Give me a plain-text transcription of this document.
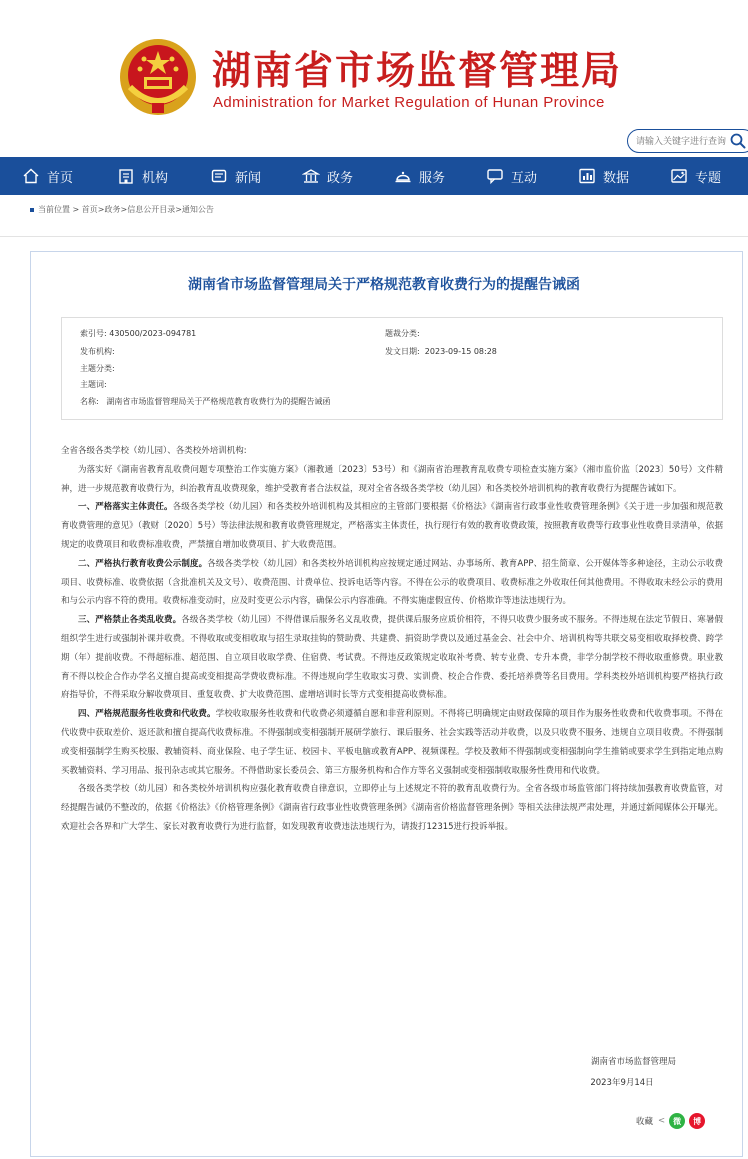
湖南省市场监督管理局
Administration for Market Regulation of Hunan Province
请输入关键字进行查询
首页	机构	新闻	政务	服务	互动	数据	专题
当前位置 > 首页>政务>信息公开目录>通知公告
湖南省市场监督管理局关于严格规范教育收费行为的提醒告诫函
索引号: 430500/2023-094781
发布机构:
主题分类:
主题词:
名称: 湖南省市场监督管理局关于严格规范教育收费行为的提醒告诫函
题裁分类:
发文日期: 2023-09-15 08:28

全省各级各类学校（幼儿园）、各类校外培训机构:

为落实好《湖南省教育乱收费问题专项整治工作实施方案》（湘教通〔2023〕53号）和《湖南省治理教育乱收费专项检查实施方案》（湘市监价监〔2023〕50号）文件精神，进一步规范教育收费行为，纠治教育乱收费现象，维护受教育者合法权益，现对全省各级各类学校（幼儿园）和各类校外培训机构的教育收费行为提醒告诫如下。

一、严格落实主体责任。各级各类学校（幼儿园）和各类校外培训机构及其相应的主管部门要根据《价格法》《湖南省行政事业性收费管理条例》《关于进一步加强和规范教育收费管理的意见》（教财〔2020〕5号）等法律法规和教育收费管理规定，严格落实主体责任，执行现行有效的教育收费政策，按照教育收费等行政事业性收费目录清单，依据规定的收费项目和收费标准收费，严禁擅自增加收费项目、扩大收费范围。

二、严格执行教育收费公示制度。各级各类学校（幼儿园）和各类校外培训机构应按规定通过网站、办事场所、教育APP、招生简章、公开媒体等多种途径，主动公示收费项目、收费标准、收费依据（含批准机关及文号）、收费范围、计费单位、投诉电话等内容。不得在公示的收费项目、收费标准之外收取任何其他费用。不得收取未经公示的费用和与公示内容不符的费用。收费标准变动时，应及时变更公示内容，确保公示内容准确。不得实施虚假宣传、价格欺诈等违法违规行为。

三、严格禁止各类乱收费。各级各类学校（幼儿园）不得借课后服务名义乱收费，提供课后服务应质价相符，不得只收费少服务或不服务。不得违规在法定节假日、寒暑假组织学生进行或强制补课并收费。不得收取或变相收取与招生录取挂钩的赞助费、共建费、捐资助学费以及通过基金会、社会中介、培训机构等共联交易变相收取择校费、跨学期（年）提前收费。不得超标准、超范围、自立项目收取学费、住宿费、考试费。不得违反政策规定收取补考费、转专业费、专升本费，非学分制学校不得收取重修费。职业教育不得以校企合作办学名义擅自提高或变相提高学费收费标准。不得违规向学生收取实习费、实训费、校企合作费、委托培养费等名目费用。学科类校外培训机构要严格执行政府指导价，不得采取分解收费项目、重复收费、扩大收费范围、虚增培训时长等方式变相提高收费标准。

四、严格规范服务性收费和代收费。学校收取服务性收费和代收费必须遵循自愿和非营利原则。不得将已明确规定由财政保障的项目作为服务性收费和代收费事项。不得在代收费中获取差价、返还款和擅自提高代收费标准。不得强制或变相强制开展研学旅行、课后服务、社会实践等活动并收费，以及只收费不服务、违规自立项目收费。不得强制或变相强制学生购买校服、教辅资料、商业保险、电子学生证、校园卡、平板电脑或教育APP、视频课程。学校及教师不得强制或变相强制向学生推销或要求学生到指定地点购买教辅资料、学习用品、报刊杂志或其它服务。不得借助家长委员会、第三方服务机构和合作方等名义强制或变相强制收取服务性费用和代收费。

各级各类学校（幼儿园）和各类校外培训机构应强化教育收费自律意识，立即停止与上述规定不符的教育乱收费行为。全省各级市场监管部门将持续加强教育收费监管，对经提醒告诫仍不整改的，依据《价格法》《价格管理条例》《湖南省行政事业性收费管理条例》《湖南省价格监督管理条例》等相关法律法规严肃处理，并通过新闻媒体公开曝光。欢迎社会各界和广大学生、家长对教育收费行为进行监督，如发现教育收费违法违规行为，请拨打12315进行投诉举报。

湖南省市场监督管理局

2023年9月14日
收藏 <	微	博
